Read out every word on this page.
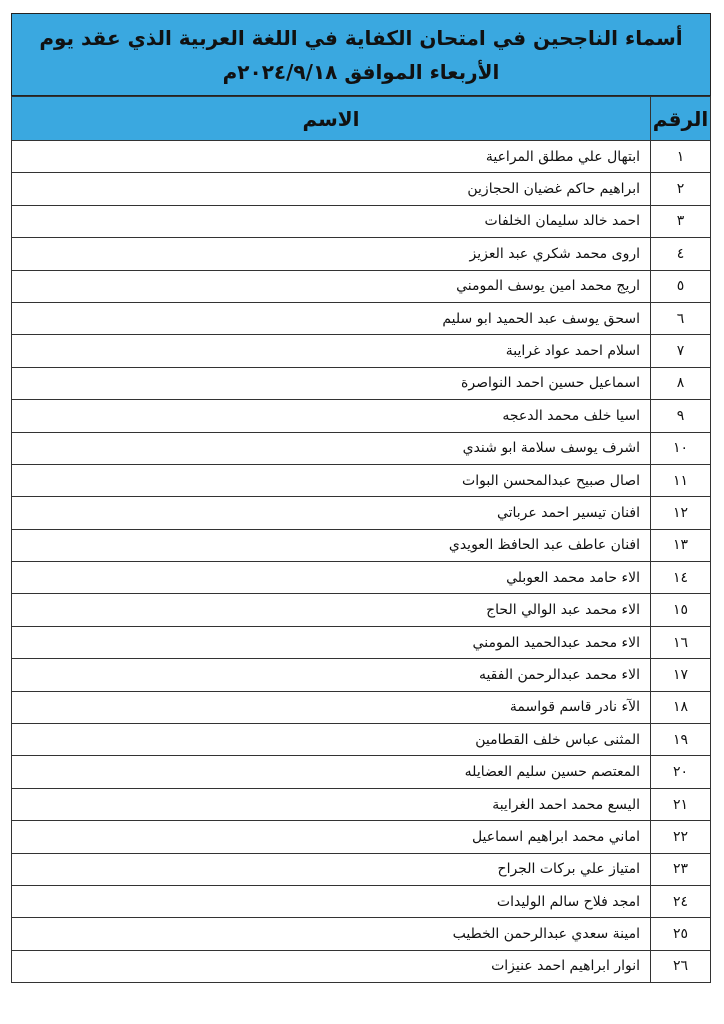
أسماء الناجحين في امتحان الكفاية في اللغة العربية الذي عقد يوم
الأربعاء الموافق ٢٠٢٤/٩/١٨م
الرقم	الاسم
١	ابتهال علي مطلق المراعية
٢	ابراهيم حاكم غضيان الحجازين
٣	احمد خالد سليمان الخلفات
٤	اروى محمد شكري عبد العزيز
٥	اريج محمد امين يوسف المومني
٦	اسحق يوسف عبد الحميد ابو سليم
٧	اسلام احمد عواد غرايبة
٨	اسماعيل حسين احمد النواصرة
٩	اسيا خلف محمد الدعجه
١٠	اشرف يوسف سلامة ابو شندي
١١	اصال صبيح عبدالمحسن البوات
١٢	افنان تيسير احمد عرباتي
١٣	افنان عاطف عبد الحافظ العويدي
١٤	الاء حامد محمد العوبلي
١٥	الاء محمد عبد الوالي الحاج
١٦	الاء محمد عبدالحميد المومني
١٧	الاء محمد عبدالرحمن الفقيه
١٨	الآء نادر قاسم قواسمة
١٩	المثنى عباس خلف القطامين
٢٠	المعتصم حسين سليم العضايله
٢١	اليسع محمد احمد الغرايبة
٢٢	اماني محمد ابراهيم اسماعيل
٢٣	امتياز علي بركات الجراح
٢٤	امجد فلاح سالم الوليدات
٢٥	امينة سعدي عبدالرحمن الخطيب
٢٦	انوار ابراهيم احمد عنيزات
